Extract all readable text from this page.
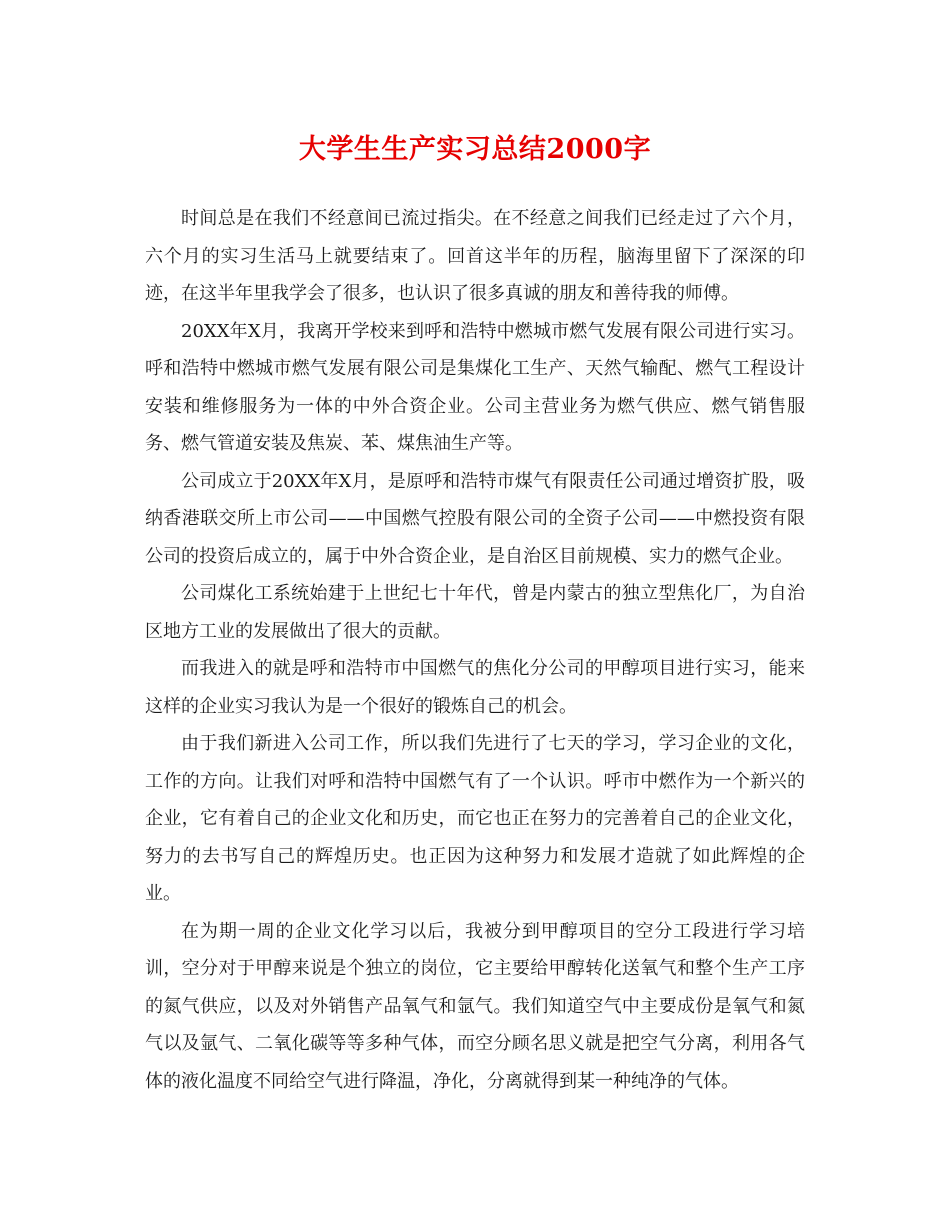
大学生生产实习总结2000字

时间总是在我们不经意间已流过指尖。在不经意之间我们已经走过了六个月，六个月的实习生活马上就要结束了。回首这半年的历程，脑海里留下了深深的印迹，在这半年里我学会了很多，也认识了很多真诚的朋友和善待我的师傅。

20XX年X月，我离开学校来到呼和浩特中燃城市燃气发展有限公司进行实习。呼和浩特中燃城市燃气发展有限公司是集煤化工生产、天然气输配、燃气工程设计安装和维修服务为一体的中外合资企业。公司主营业务为燃气供应、燃气销售服务、燃气管道安装及焦炭、苯、煤焦油生产等。

公司成立于20XX年X月，是原呼和浩特市煤气有限责任公司通过增资扩股，吸纳香港联交所上市公司——中国燃气控股有限公司的全资子公司——中燃投资有限公司的投资后成立的，属于中外合资企业，是自治区目前规模、实力的燃气企业。

公司煤化工系统始建于上世纪七十年代，曾是内蒙古的独立型焦化厂，为自治区地方工业的发展做出了很大的贡献。

而我进入的就是呼和浩特市中国燃气的焦化分公司的甲醇项目进行实习，能来这样的企业实习我认为是一个很好的锻炼自己的机会。

由于我们新进入公司工作，所以我们先进行了七天的学习，学习企业的文化，工作的方向。让我们对呼和浩特中国燃气有了一个认识。呼市中燃作为一个新兴的企业，它有着自己的企业文化和历史，而它也正在努力的完善着自己的企业文化，努力的去书写自己的辉煌历史。也正因为这种努力和发展才造就了如此辉煌的企业。

在为期一周的企业文化学习以后，我被分到甲醇项目的空分工段进行学习培训，空分对于甲醇来说是个独立的岗位，它主要给甲醇转化送氧气和整个生产工序的氮气供应，以及对外销售产品氧气和氩气。我们知道空气中主要成份是氧气和氮气以及氩气、二氧化碳等等多种气体，而空分顾名思义就是把空气分离，利用各气体的液化温度不同给空气进行降温，净化，分离就得到某一种纯净的气体。
